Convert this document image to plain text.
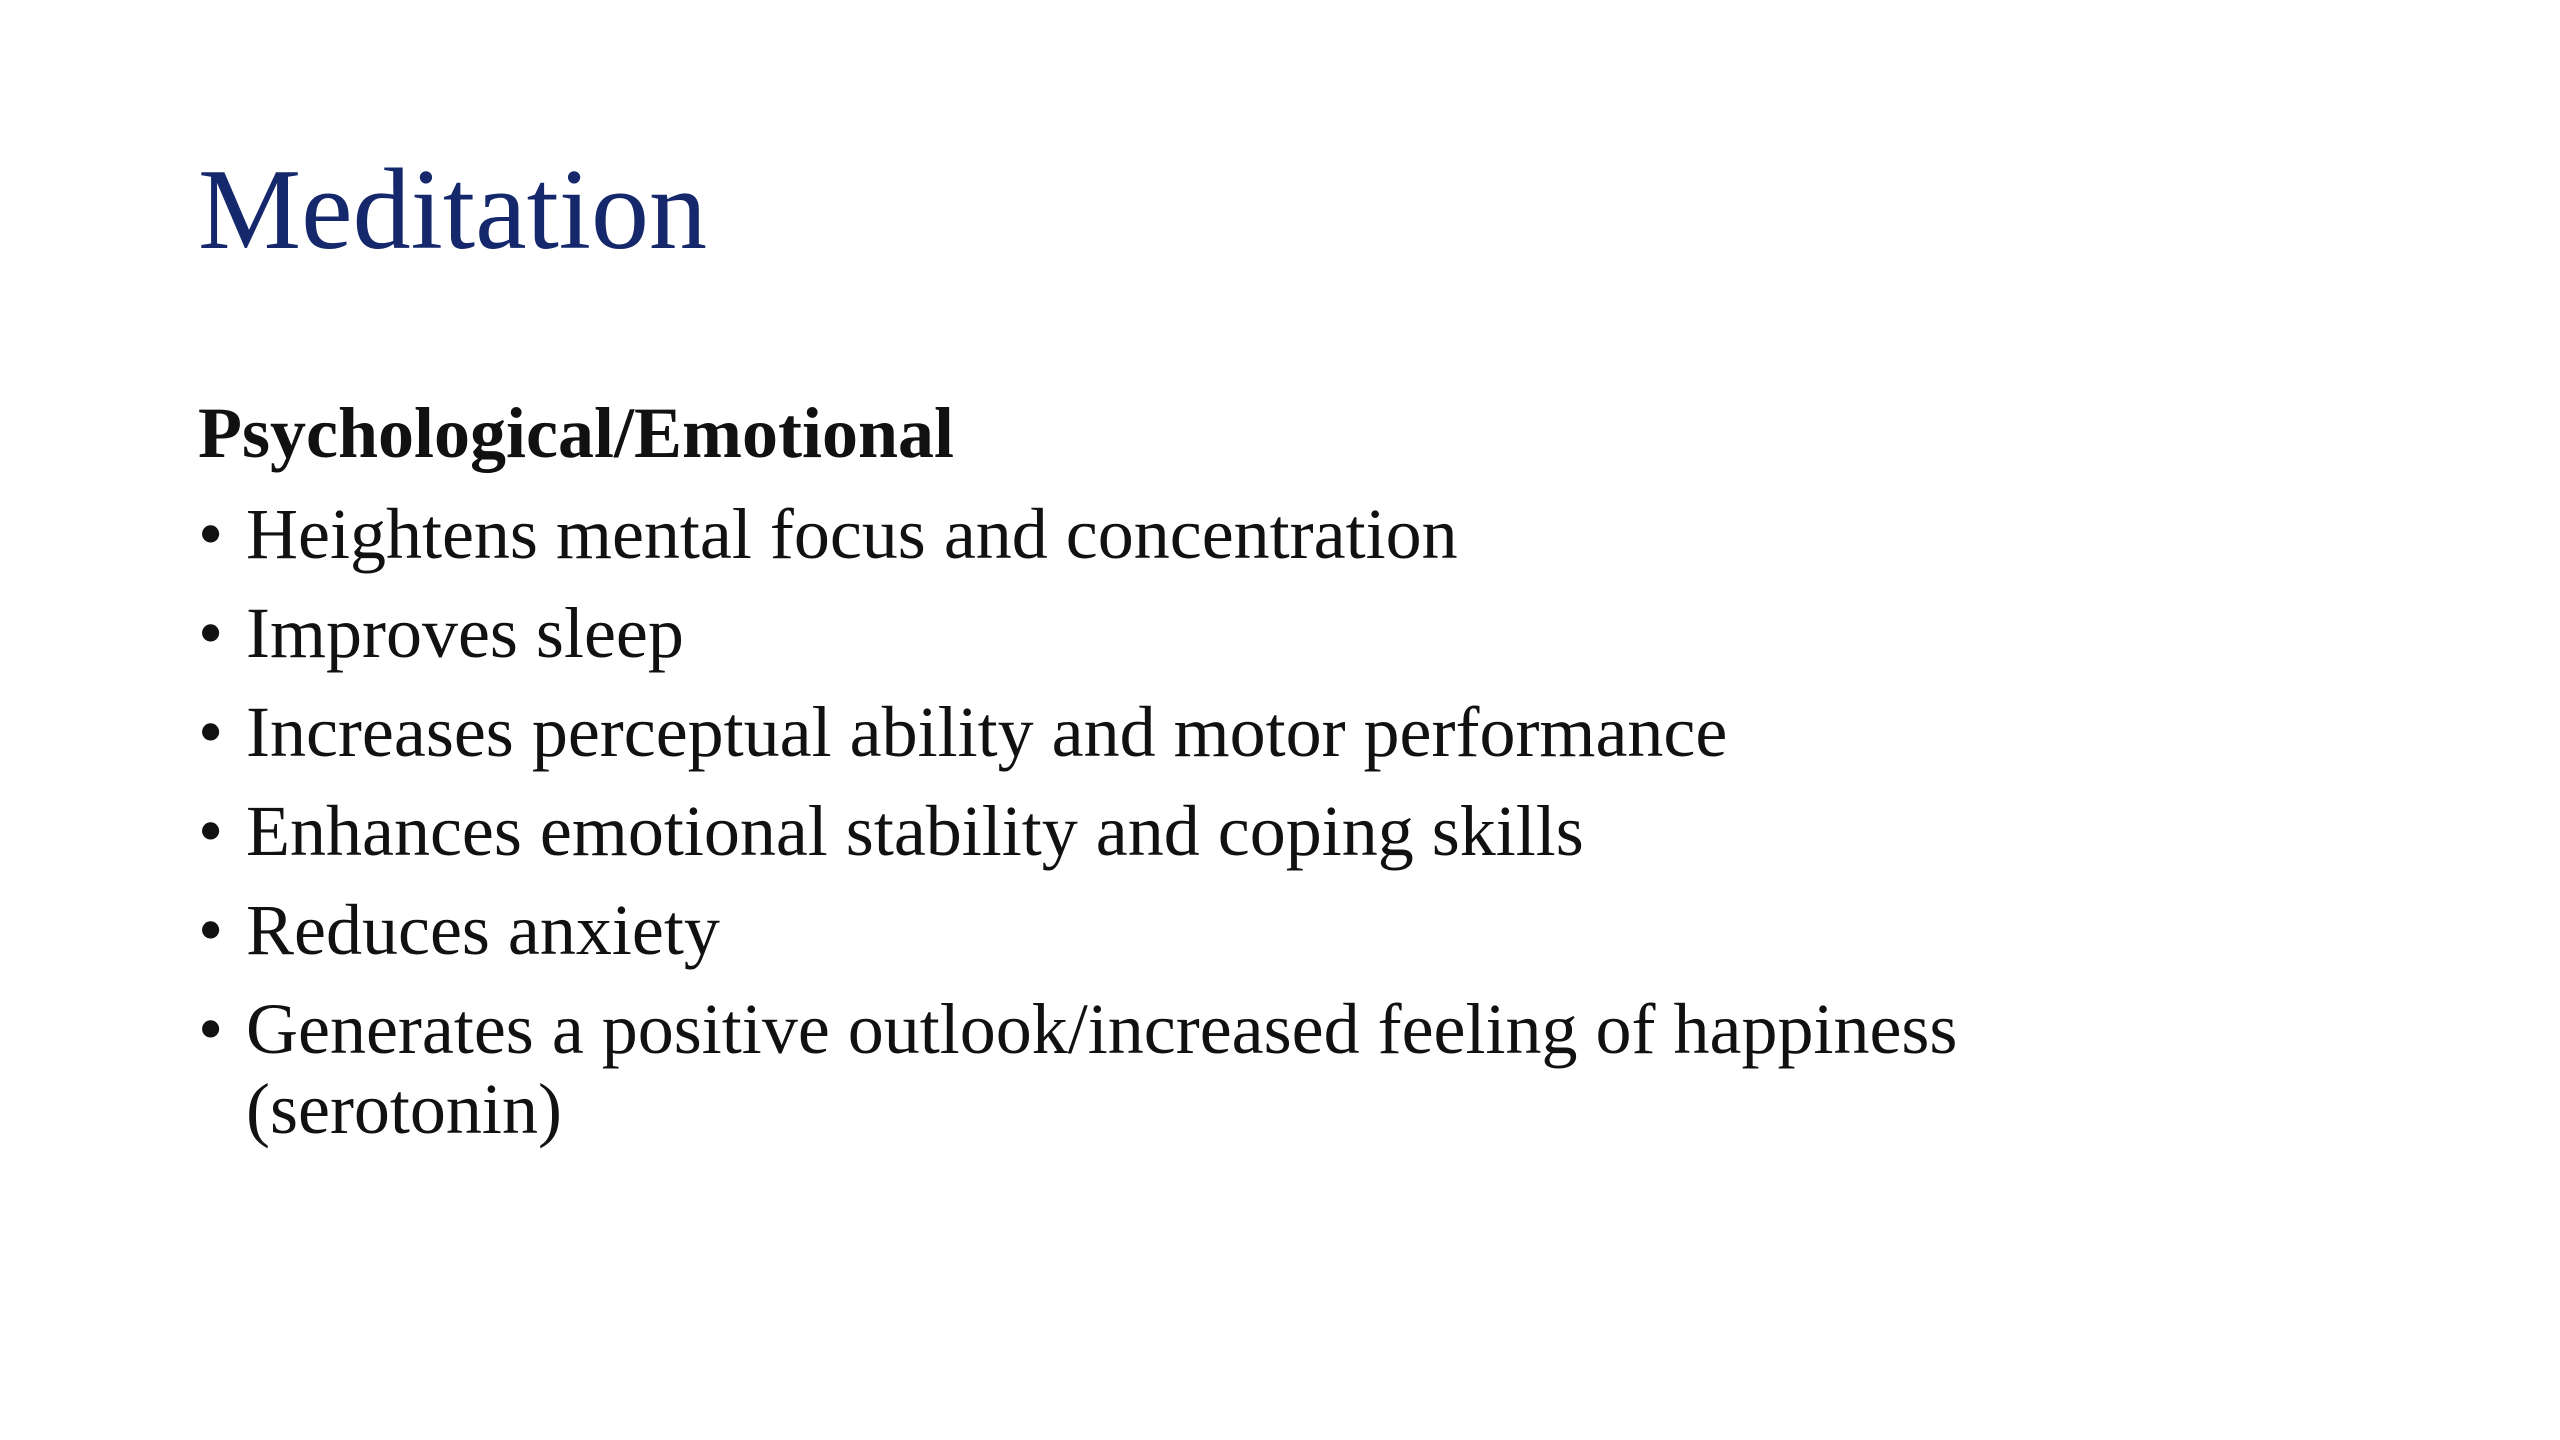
Meditation
Psychological/Emotional
• Heightens mental focus and concentration
• Improves sleep
• Increases perceptual ability and motor performance
• Enhances emotional stability and coping skills
• Reduces anxiety
• Generates a positive outlook/increased feeling of happiness (serotonin)
